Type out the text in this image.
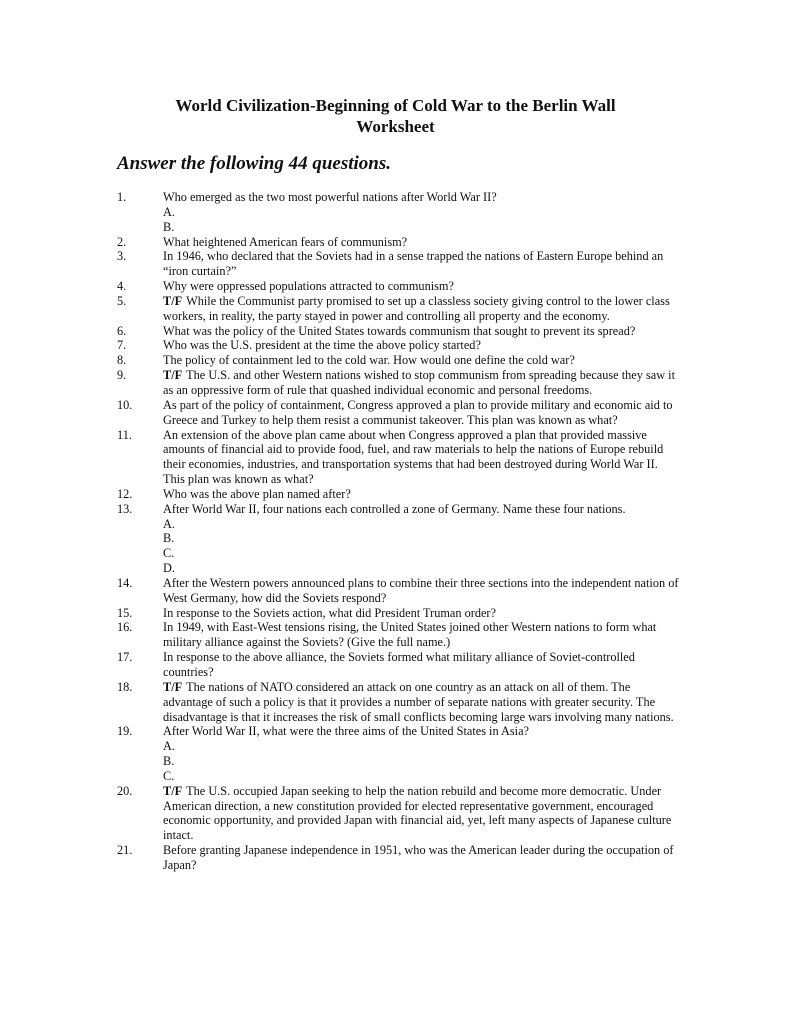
World Civilization-Beginning of Cold War to the Berlin Wall
Worksheet
Answer the following 44 questions.
1.	Who emerged as the two most powerful nations after World War II?
A.
B.
2.	What heightened American fears of communism?
3.	In 1946, who declared that the Soviets had in a sense trapped the nations of Eastern Europe behind an “iron curtain?”
4.	Why were oppressed populations attracted to communism?
5.	T/F While the Communist party promised to set up a classless society giving control to the lower class workers, in reality, the party stayed in power and controlling all property and the economy.
6.	What was the policy of the United States towards communism that sought to prevent its spread?
7.	Who was the U.S. president at the time the above policy started?
8.	The policy of containment led to the cold war. How would one define the cold war?
9.	T/F The U.S. and other Western nations wished to stop communism from spreading because they saw it as an oppressive form of rule that quashed individual economic and personal freedoms.
10. As part of the policy of containment, Congress approved a plan to provide military and economic aid to Greece and Turkey to help them resist a communist takeover. This plan was known as what?
11.	An extension of the above plan came about when Congress approved a plan that provided massive amounts of financial aid to provide food, fuel, and raw materials to help the nations of Europe rebuild their economies, industries, and transportation systems that had been destroyed during World War II. This plan was known as what?
12. Who was the above plan named after?
13. After World War II, four nations each controlled a zone of Germany. Name these four nations.
A.
B.
C.
D.
14. After the Western powers announced plans to combine their three sections into the independent nation of West Germany, how did the Soviets respond?
15. In response to the Soviets action, what did President Truman order?
16. In 1949, with East-West tensions rising, the United States joined other Western nations to form what military alliance against the Soviets? (Give the full name.)
17. In response to the above alliance, the Soviets formed what military alliance of Soviet-controlled countries?
18. T/F The nations of NATO considered an attack on one country as an attack on all of them. The advantage of such a policy is that it provides a number of separate nations with greater security. The disadvantage is that it increases the risk of small conflicts becoming large wars involving many nations.
19. After World War II, what were the three aims of the United States in Asia?
A.
B.
C.
20. T/F The U.S. occupied Japan seeking to help the nation rebuild and become more democratic. Under American direction, a new constitution provided for elected representative government, encouraged economic opportunity, and provided Japan with financial aid, yet, left many aspects of Japanese culture intact.
21. Before granting Japanese independence in 1951, who was the American leader during the occupation of Japan?
